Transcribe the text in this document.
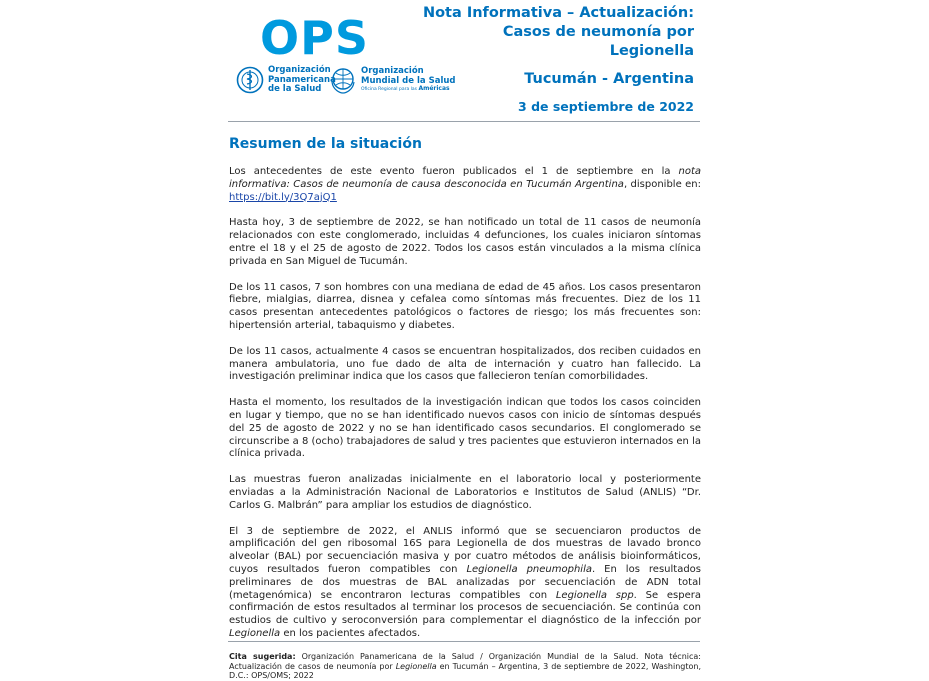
OPS
Organización
Panamericana
de la Salud
Organización
Mundial de la Salud
Oficina Regional para las Américas
Nota Informativa – Actualización:
Casos de neumonía por
Legionella
Tucumán - Argentina
3 de septiembre de 2022
Resumen de la situación

Los antecedentes de este evento fueron publicados el 1 de septiembre en la nota informativa: Casos de neumonía de causa desconocida en Tucumán Argentina, disponible en: https://bit.ly/3Q7ajQ1

Hasta hoy, 3 de septiembre de 2022, se han notificado un total de 11 casos de neumonía relacionados con este conglomerado, incluidas 4 defunciones, los cuales iniciaron síntomas entre el 18 y el 25 de agosto de 2022. Todos los casos están vinculados a la misma clínica privada en San Miguel de Tucumán.

De los 11 casos, 7 son hombres con una mediana de edad de 45 años. Los casos presentaron fiebre, mialgias, diarrea, disnea y cefalea como síntomas más frecuentes. Diez de los 11 casos presentan antecedentes patológicos o factores de riesgo; los más frecuentes son: hipertensión arterial, tabaquismo y diabetes.

De los 11 casos, actualmente 4 casos se encuentran hospitalizados, dos reciben cuidados en manera ambulatoria, uno fue dado de alta de internación y cuatro han fallecido. La investigación preliminar indica que los casos que fallecieron tenían comorbilidades.

Hasta el momento, los resultados de la investigación indican que todos los casos coinciden en lugar y tiempo, que no se han identificado nuevos casos con inicio de síntomas después del 25 de agosto de 2022 y no se han identificado casos secundarios. El conglomerado se circunscribe a 8 (ocho) trabajadores de salud y tres pacientes que estuvieron internados en la clínica privada.

Las muestras fueron analizadas inicialmente en el laboratorio local y posteriormente enviadas a la Administración Nacional de Laboratorios e Institutos de Salud (ANLIS) “Dr. Carlos G. Malbrán” para ampliar los estudios de diagnóstico.

El 3 de septiembre de 2022, el ANLIS informó que se secuenciaron productos de amplificación del gen ribosomal 16S para Legionella de dos muestras de lavado bronco alveolar (BAL) por secuenciación masiva y por cuatro métodos de análisis bioinformáticos, cuyos resultados fueron compatibles con Legionella pneumophila. En los resultados preliminares de dos muestras de BAL analizadas por secuenciación de ADN total (metagenómica) se encontraron lecturas compatibles con Legionella spp. Se espera confirmación de estos resultados al terminar los procesos de secuenciación. Se continúa con estudios de cultivo y seroconversión para complementar el diagnóstico de la infección por Legionella en los pacientes afectados.

Cita sugerida: Organización Panamericana de la Salud / Organización Mundial de la Salud. Nota técnica: Actualización de casos de neumonía por Legionella en Tucumán – Argentina, 3 de septiembre de 2022, Washington, D.C.: OPS/OMS; 2022
